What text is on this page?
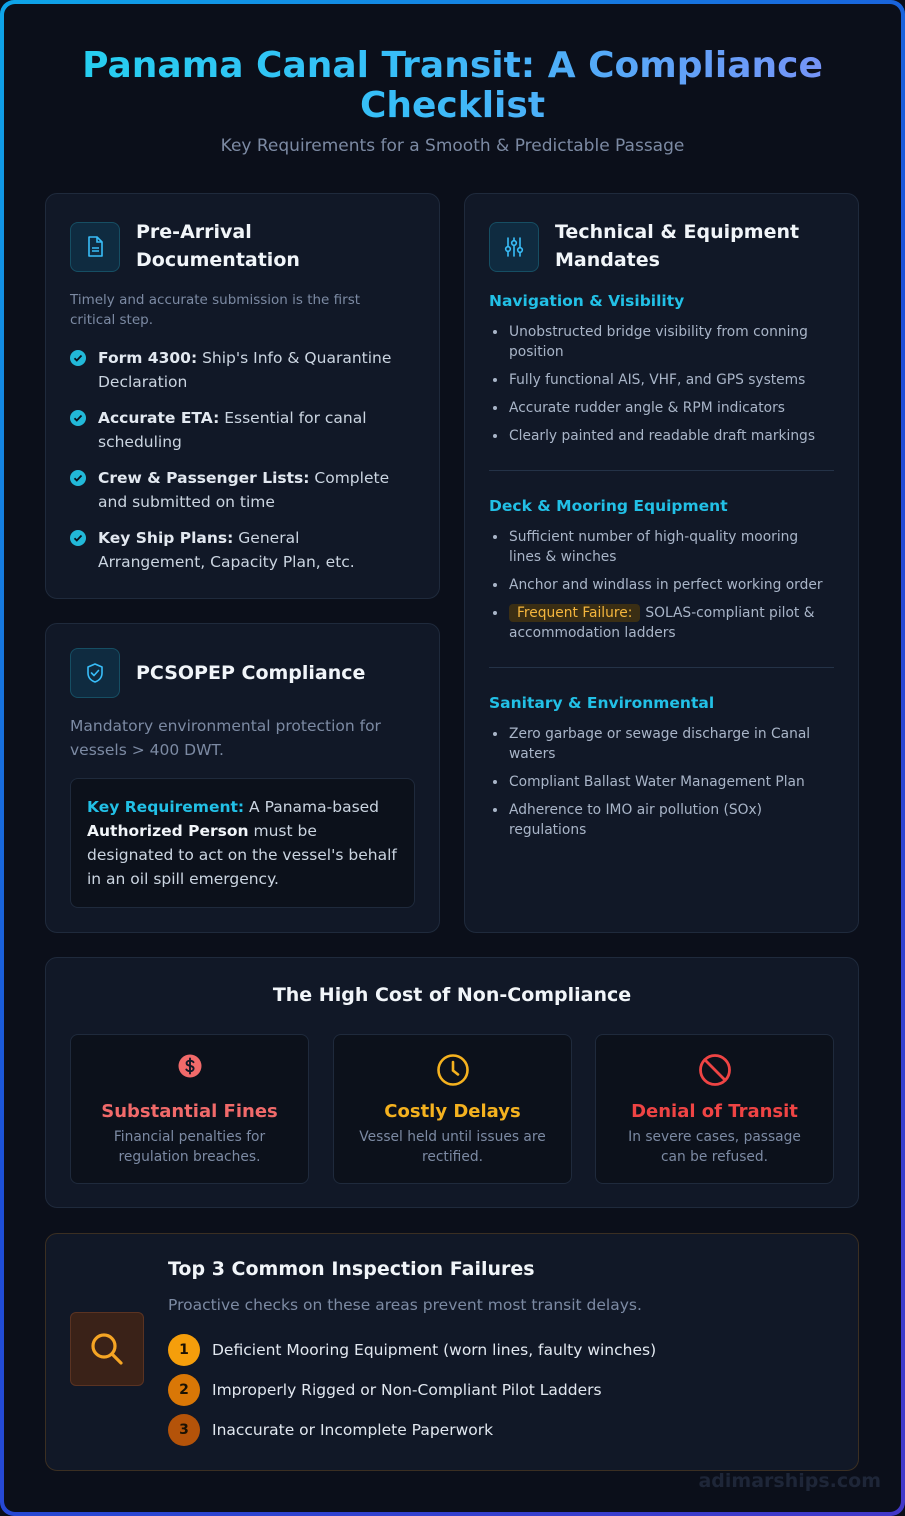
Panama Canal Transit: A Compliance Checklist
Key Requirements for a Smooth & Predictable Passage
Pre-Arrival Documentation
Timely and accurate submission is the first critical step.
Form 4300: Ship's Info & Quarantine Declaration
Accurate ETA: Essential for canal scheduling
Crew & Passenger Lists: Complete and submitted on time
Key Ship Plans: General Arrangement, Capacity Plan, etc.
Technical & Equipment Mandates
Navigation & Visibility
Unobstructed bridge visibility from conning position
Fully functional AIS, VHF, and GPS systems
Accurate rudder angle & RPM indicators
Clearly painted and readable draft markings
Deck & Mooring Equipment
Sufficient number of high-quality mooring lines & winches
Anchor and windlass in perfect working order
Frequent Failure: SOLAS-compliant pilot & accommodation ladders
Sanitary & Environmental
Zero garbage or sewage discharge in Canal waters
Compliant Ballast Water Management Plan
Adherence to IMO air pollution (SOx) regulations
PCSOPEP Compliance
Mandatory environmental protection for vessels > 400 DWT.
Key Requirement: A Panama-based Authorized Person must be designated to act on the vessel's behalf in an oil spill emergency.
The High Cost of Non-Compliance
Substantial Fines
Financial penalties for regulation breaches.
Costly Delays
Vessel held until issues are rectified.
Denial of Transit
In severe cases, passage can be refused.
Top 3 Common Inspection Failures
Proactive checks on these areas prevent most transit delays.
1	Deficient Mooring Equipment (worn lines, faulty winches)
2	Improperly Rigged or Non-Compliant Pilot Ladders
3	Inaccurate or Incomplete Paperwork
adimarships.com
